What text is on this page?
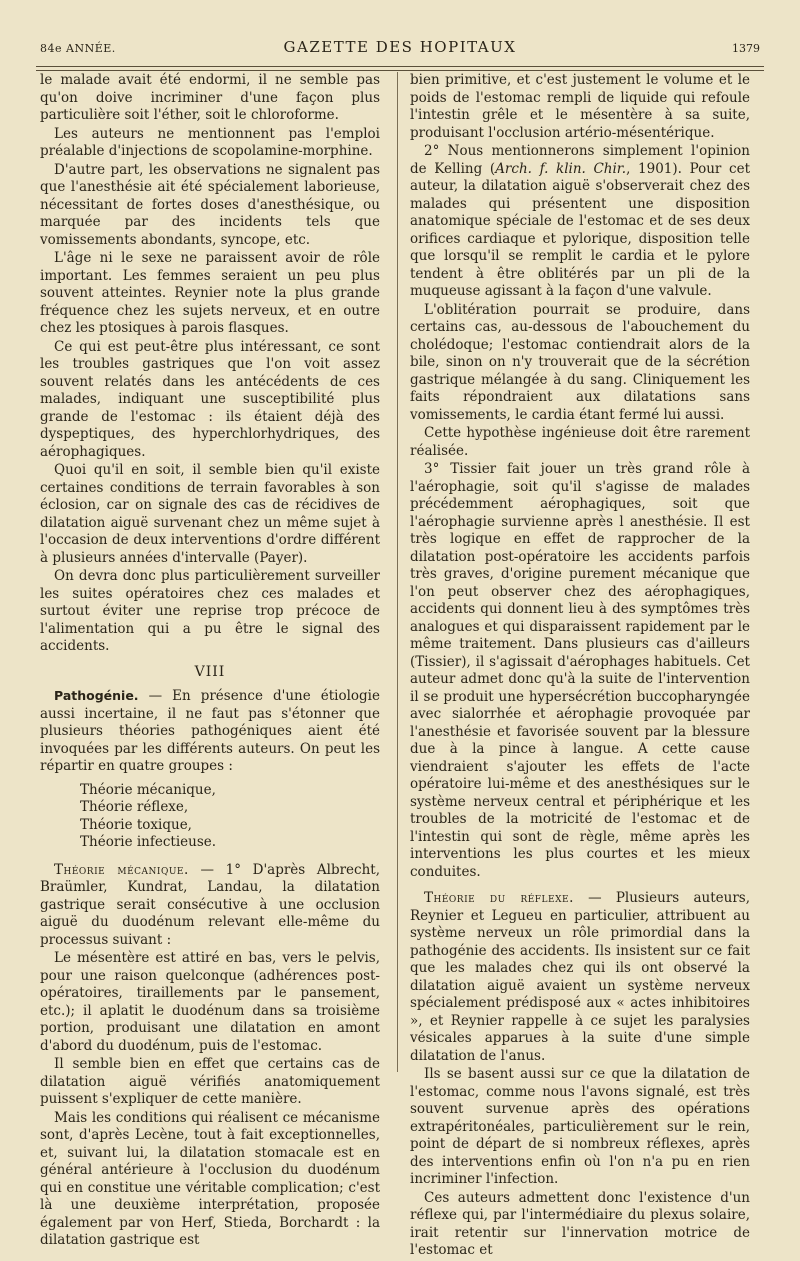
84e ANNÉE.	GAZETTE DES HOPITAUX	1379

le malade avait été endormi, il ne semble pas qu'on doive incriminer d'une façon plus particulière soit l'éther, soit le chloroforme.

Les auteurs ne mentionnent pas l'emploi préalable d'injections de scopolamine-morphine.

D'autre part, les observations ne signalent pas que l'anesthésie ait été spécialement laborieuse, nécessitant de fortes doses d'anesthésique, ou marquée par des incidents tels que vomissements abondants, syncope, etc.

L'âge ni le sexe ne paraissent avoir de rôle important. Les femmes seraient un peu plus souvent atteintes. Reynier note la plus grande fréquence chez les sujets nerveux, et en outre chez les ptosiques à parois flasques.

Ce qui est peut-être plus intéressant, ce sont les troubles gastriques que l'on voit assez souvent relatés dans les antécédents de ces malades, indiquant une susceptibilité plus grande de l'estomac : ils étaient déjà des dyspeptiques, des hyperchlorhydriques, des aérophagiques.

Quoi qu'il en soit, il semble bien qu'il existe certaines conditions de terrain favorables à son éclosion, car on signale des cas de récidives de dilatation aiguë survenant chez un même sujet à l'occasion de deux interventions d'ordre différent à plusieurs années d'intervalle (Payer).

On devra donc plus particulièrement surveiller les suites opératoires chez ces malades et surtout éviter une reprise trop précoce de l'alimentation qui a pu être le signal des accidents.

VIII

Pathogénie. — En présence d'une étiologie aussi incertaine, il ne faut pas s'étonner que plusieurs théories pathogéniques aient été invoquées par les différents auteurs. On peut les répartir en quatre groupes :

Théorie mécanique,
Théorie réflexe,
Théorie toxique,
Théorie infectieuse.

Théorie mécanique. — 1° D'après Albrecht, Braümler, Kundrat, Landau, la dilatation gastrique serait consécutive à une occlusion aiguë du duodénum relevant elle-même du processus suivant :

Le mésentère est attiré en bas, vers le pelvis, pour une raison quelconque (adhérences post-opératoires, tiraillements par le pansement, etc.); il aplatit le duodénum dans sa troisième portion, produisant une dilatation en amont d'abord du duodénum, puis de l'estomac.

Il semble bien en effet que certains cas de dilatation aiguë vérifiés anatomiquement puissent s'expliquer de cette manière.

Mais les conditions qui réalisent ce mécanisme sont, d'après Lecène, tout à fait exceptionnelles, et, suivant lui, la dilatation stomacale est en général antérieure à l'occlusion du duodénum qui en constitue une véritable complication; c'est là une deuxième interprétation, proposée également par von Herf, Stieda, Borchardt : la dilatation gastrique est

bien primitive, et c'est justement le volume et le poids de l'estomac rempli de liquide qui refoule l'intestin grêle et le mésentère à sa suite, produisant l'occlusion artério-mésentérique.

2° Nous mentionnerons simplement l'opinion de Kelling (Arch. f. klin. Chir., 1901). Pour cet auteur, la dilatation aiguë s'observerait chez des malades qui présentent une disposition anatomique spéciale de l'estomac et de ses deux orifices cardiaque et pylorique, disposition telle que lorsqu'il se remplit le cardia et le pylore tendent à être oblitérés par un pli de la muqueuse agissant à la façon d'une valvule.

L'oblitération pourrait se produire, dans certains cas, au-dessous de l'abouchement du cholédoque; l'estomac contiendrait alors de la bile, sinon on n'y trouverait que de la sécrétion gastrique mélangée à du sang. Cliniquement les faits répondraient aux dilatations sans vomissements, le cardia étant fermé lui aussi.

Cette hypothèse ingénieuse doit être rarement réalisée.

3° Tissier fait jouer un très grand rôle à l'aérophagie, soit qu'il s'agisse de malades précédemment aérophagiques, soit que l'aérophagie survienne après l anesthésie. Il est très logique en effet de rapprocher de la dilatation post-opératoire les accidents parfois très graves, d'origine purement mécanique que l'on peut observer chez des aérophagiques, accidents qui donnent lieu à des symptômes très analogues et qui disparaissent rapidement par le même traitement. Dans plusieurs cas d'ailleurs (Tissier), il s'agissait d'aérophages habituels. Cet auteur admet donc qu'à la suite de l'intervention il se produit une hypersécrétion buccopharyngée avec sialorrhée et aérophagie provoquée par l'anesthésie et favorisée souvent par la blessure due à la pince à langue. A cette cause viendraient s'ajouter les effets de l'acte opératoire lui-même et des anesthésiques sur le système nerveux central et périphérique et les troubles de la motricité de l'estomac et de l'intestin qui sont de règle, même après les interventions les plus courtes et les mieux conduites.

Théorie du réflexe. — Plusieurs auteurs, Reynier et Legueu en particulier, attribuent au système nerveux un rôle primordial dans la pathogénie des accidents. Ils insistent sur ce fait que les malades chez qui ils ont observé la dilatation aiguë avaient un système nerveux spécialement prédisposé aux « actes inhibitoires », et Reynier rappelle à ce sujet les paralysies vésicales apparues à la suite d'une simple dilatation de l'anus.

Ils se basent aussi sur ce que la dilatation de l'estomac, comme nous l'avons signalé, est très souvent survenue après des opérations extrapéritonéales, particulièrement sur le rein, point de départ de si nombreux réflexes, après des interventions enfin où l'on n'a pu en rien incriminer l'infection.

Ces auteurs admettent donc l'existence d'un réflexe qui, par l'intermédiaire du plexus solaire, irait retentir sur l'innervation motrice de l'estomac et
